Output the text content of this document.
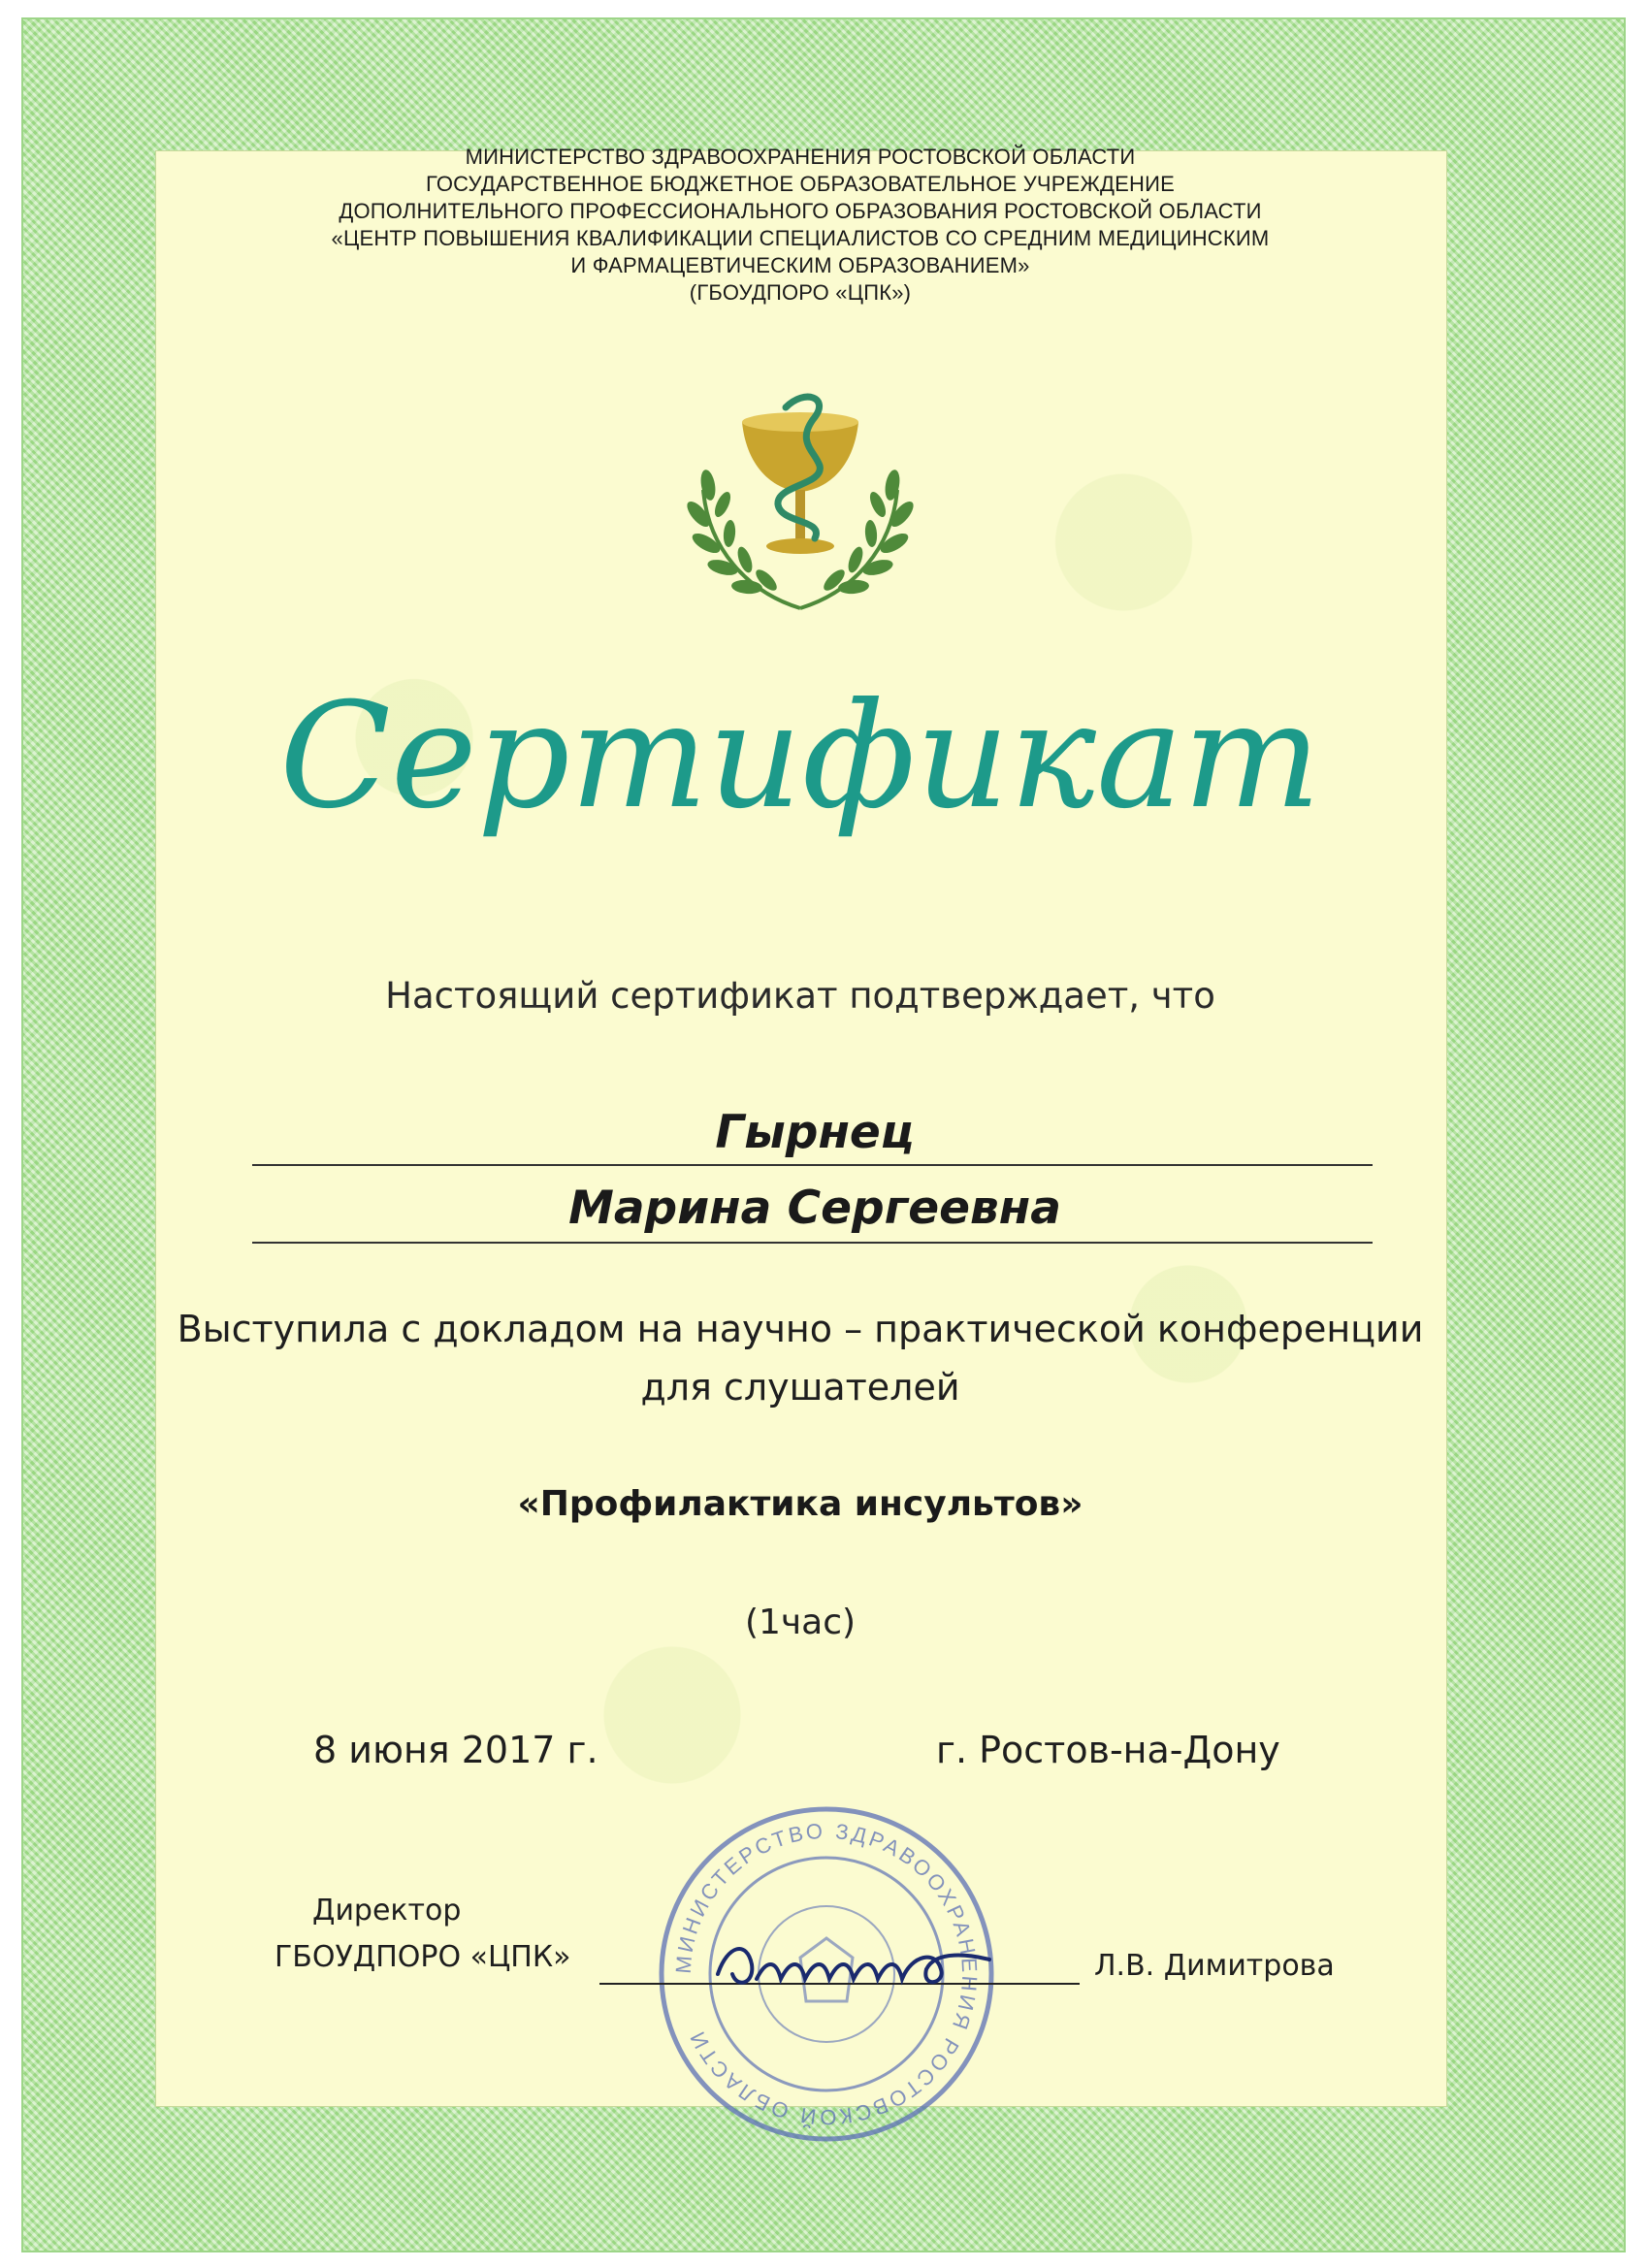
МИНИСТЕРСТВО ЗДРАВООХРАНЕНИЯ РОСТОВСКОЙ ОБЛАСТИ
ГОСУДАРСТВЕННОЕ БЮДЖЕТНОЕ ОБРАЗОВАТЕЛЬНОЕ УЧРЕЖДЕНИЕ
ДОПОЛНИТЕЛЬНОГО ПРОФЕССИОНАЛЬНОГО ОБРАЗОВАНИЯ РОСТОВСКОЙ ОБЛАСТИ
«ЦЕНТР ПОВЫШЕНИЯ КВАЛИФИКАЦИИ СПЕЦИАЛИСТОВ СО СРЕДНИМ МЕДИЦИНСКИМ
И ФАРМАЦЕВТИЧЕСКИМ ОБРАЗОВАНИЕМ»
(ГБОУДПОРО «ЦПК»)
Сертификат
Настоящий сертификат подтверждает, что
Гырнец
Марина Сергеевна
Выступила с докладом на научно – практической конференции
для слушателей
«Профилактика инсультов»
(1час)
8 июня 2017 г.	г. Ростов-на-Дону
МИНИСТЕРСТВО ЗДРАВООХРАНЕНИЯ РОСТОВСКОЙ ОБЛАСТИ
Директор
ГБОУДПОРО «ЦПК»	Л.В. Димитрова
